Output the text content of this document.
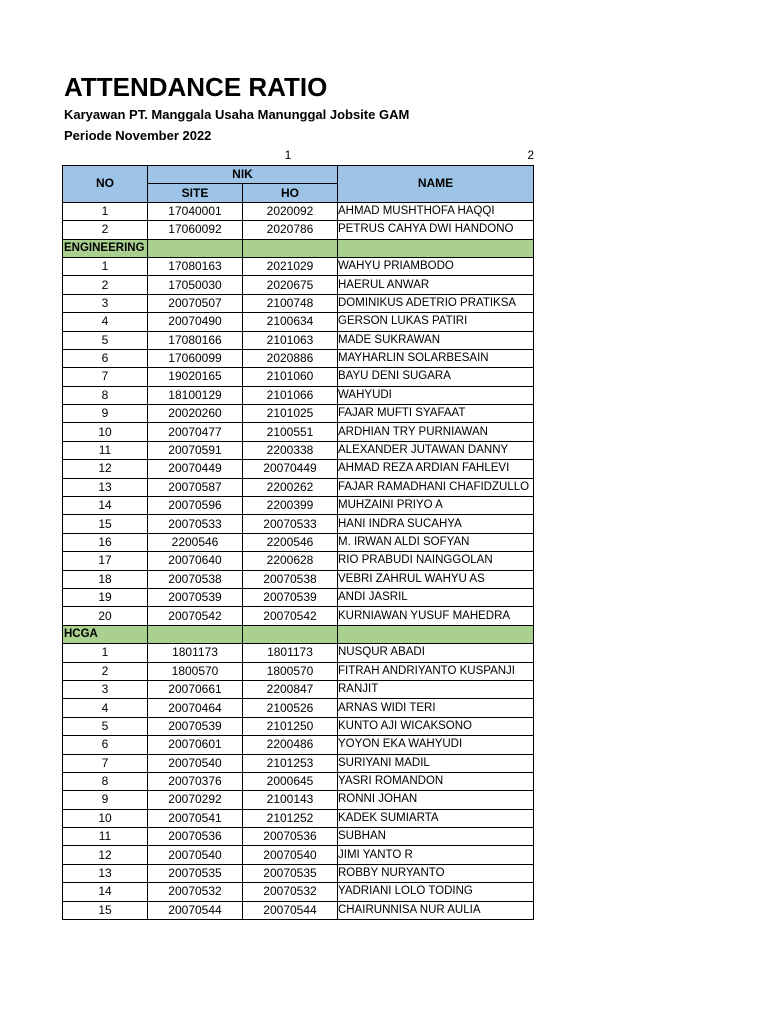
ATTENDANCE RATIO
Karyawan PT. Manggala Usaha Manunggal Jobsite GAM
Periode November 2022
1	2
NO	NIK		NAME
	SITE	HO	
1	17040001	2020092	AHMAD MUSHTHOFA HAQQI
2	17060092	2020786	PETRUS CAHYA DWI HANDONO
ENGINEERING			
1	17080163	2021029	WAHYU PRIAMBODO
2	17050030	2020675	HAERUL ANWAR
3	20070507	2100748	DOMINIKUS ADETRIO PRATIKSA
4	20070490	2100634	GERSON LUKAS PATIRI
5	17080166	2101063	MADE SUKRAWAN
6	17060099	2020886	MAYHARLIN SOLARBESAIN
7	19020165	2101060	BAYU DENI SUGARA
8	18100129	2101066	WAHYUDI
9	20020260	2101025	FAJAR MUFTI SYAFAAT
10	20070477	2100551	ARDHIAN TRY PURNIAWAN
11	20070591	2200338	ALEXANDER JUTAWAN DANNY
12	20070449	20070449	AHMAD REZA ARDIAN FAHLEVI
13	20070587	2200262	FAJAR RAMADHANI CHAFIDZULLO
14	20070596	2200399	MUHZAINI PRIYO A
15	20070533	20070533	HANI INDRA SUCAHYA
16	2200546	2200546	M. IRWAN ALDI SOFYAN
17	20070640	2200628	RIO PRABUDI NAINGGOLAN
18	20070538	20070538	VEBRI ZAHRUL WAHYU AS
19	20070539	20070539	ANDI JASRIL
20	20070542	20070542	KURNIAWAN YUSUF MAHEDRA
HCGA			
1	1801173	1801173	NUSQUR ABADI
2	1800570	1800570	FITRAH ANDRIYANTO KUSPANJI
3	20070661	2200847	RANJIT
4	20070464	2100526	ARNAS WIDI TERI
5	20070539	2101250	KUNTO AJI WICAKSONO
6	20070601	2200486	YOYON EKA WAHYUDI
7	20070540	2101253	SURIYANI MADIL
8	20070376	2000645	YASRI ROMANDON
9	20070292	2100143	RONNI JOHAN
10	20070541	2101252	KADEK SUMIARTA
11	20070536	20070536	SUBHAN
12	20070540	20070540	JIMI YANTO R
13	20070535	20070535	ROBBY NURYANTO
14	20070532	20070532	YADRIANI LOLO TODING
15	20070544	20070544	CHAIRUNNISA NUR AULIA
